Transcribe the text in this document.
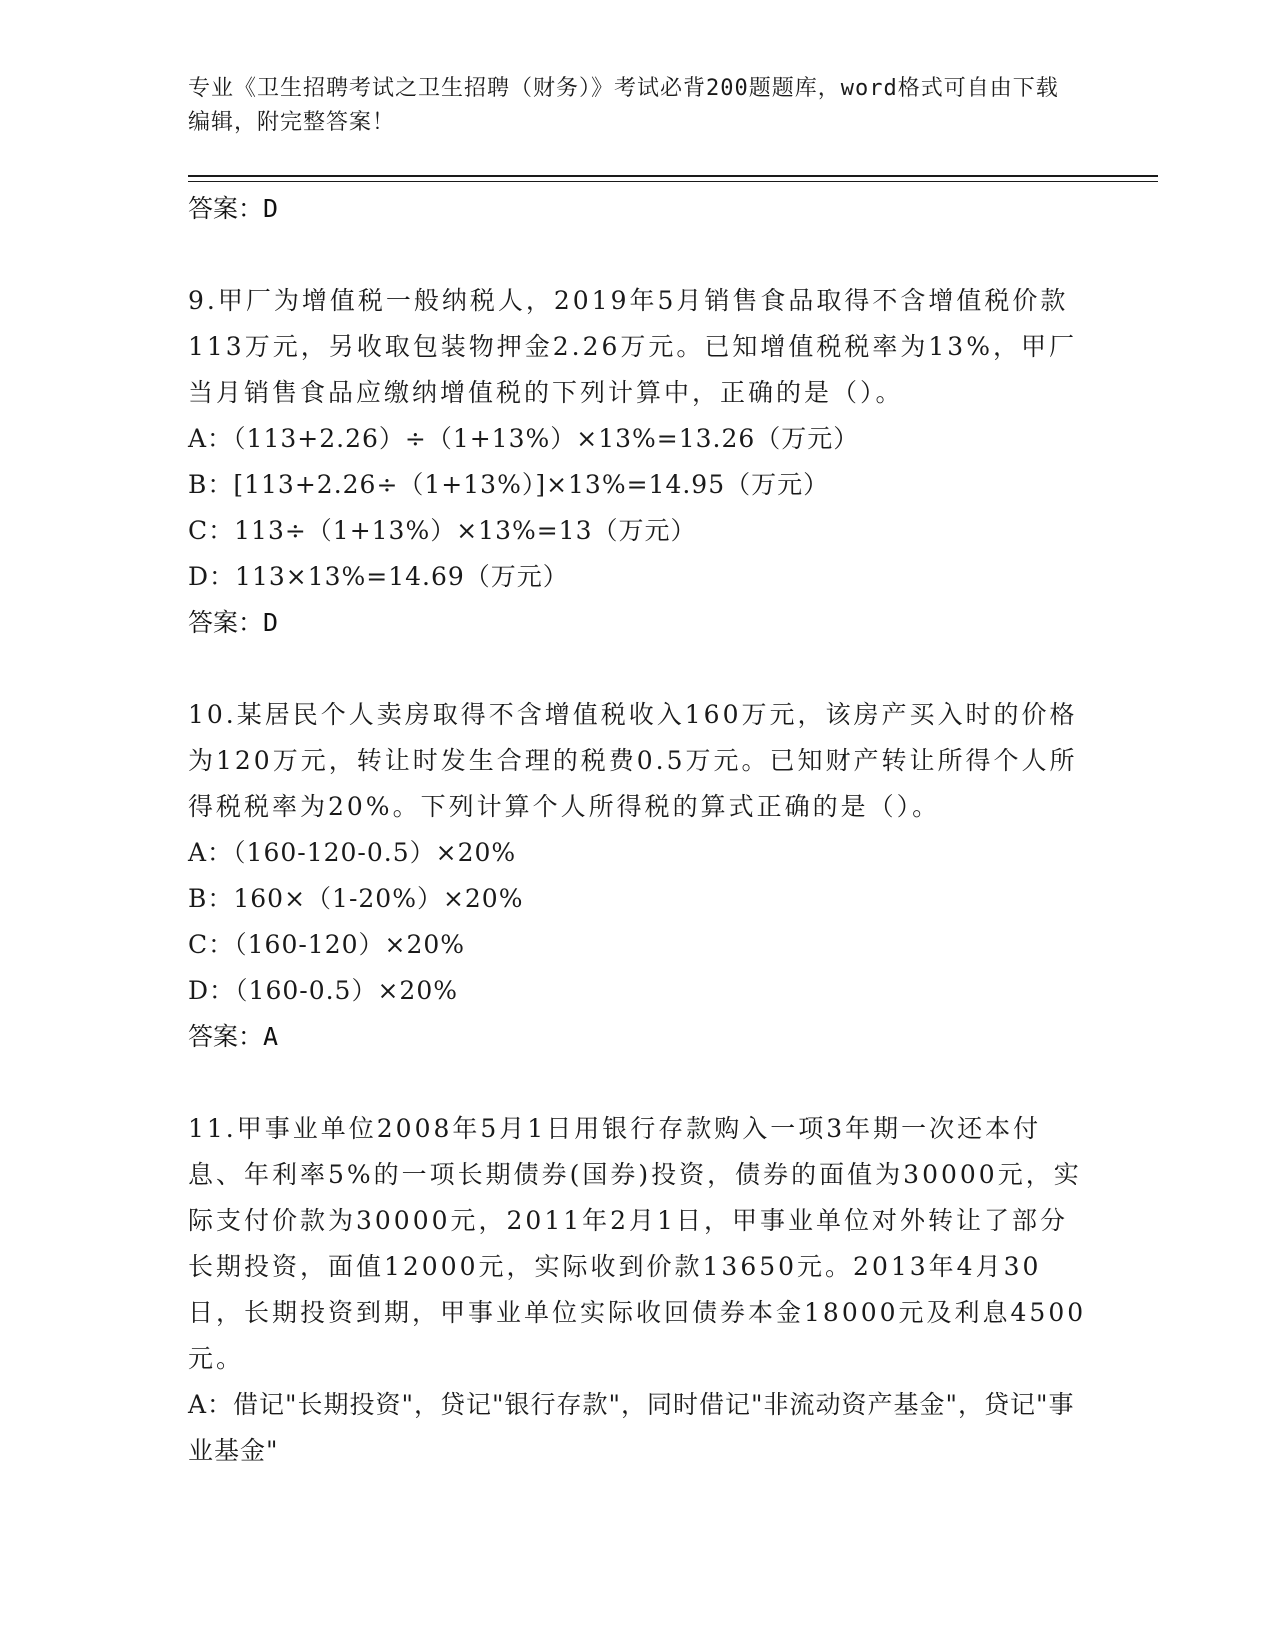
专业《卫生招聘考试之卫生招聘（财务）》考试必背200题题库，word格式可自由下载编辑，附完整答案！
答案：D
9.甲厂为增值税一般纳税人，2019年5月销售食品取得不含增值税价款113万元，另收取包装物押金2.26万元。已知增值税税率为13%，甲厂当月销售食品应缴纳增值税的下列计算中，正确的是（）。
A：（113+2.26）÷（1+13%）×13%=13.26（万元）
B：[113+2.26÷（1+13%）]×13%=14.95（万元）
C：113÷（1+13%）×13%=13（万元）
D：113×13%=14.69（万元）
答案：D
10.某居民个人卖房取得不含增值税收入160万元，该房产买入时的价格为120万元，转让时发生合理的税费0.5万元。已知财产转让所得个人所得税税率为20%。下列计算个人所得税的算式正确的是（）。
A：（160-120-0.5）×20%
B：160×（1-20%）×20%
C：（160-120）×20%
D：（160-0.5）×20%
答案：A
11.甲事业单位2008年5月1日用银行存款购入一项3年期一次还本付息、年利率5%的一项长期债券(国券)投资，债券的面值为30000元，实际支付价款为30000元，2011年2月1日，甲事业单位对外转让了部分长期投资，面值12000元，实际收到价款13650元。2013年4月30日，长期投资到期，甲事业单位实际收回债券本金18000元及利息4500元。
A：借记"长期投资"，贷记"银行存款"，同时借记"非流动资产基金"，贷记"事业基金"
